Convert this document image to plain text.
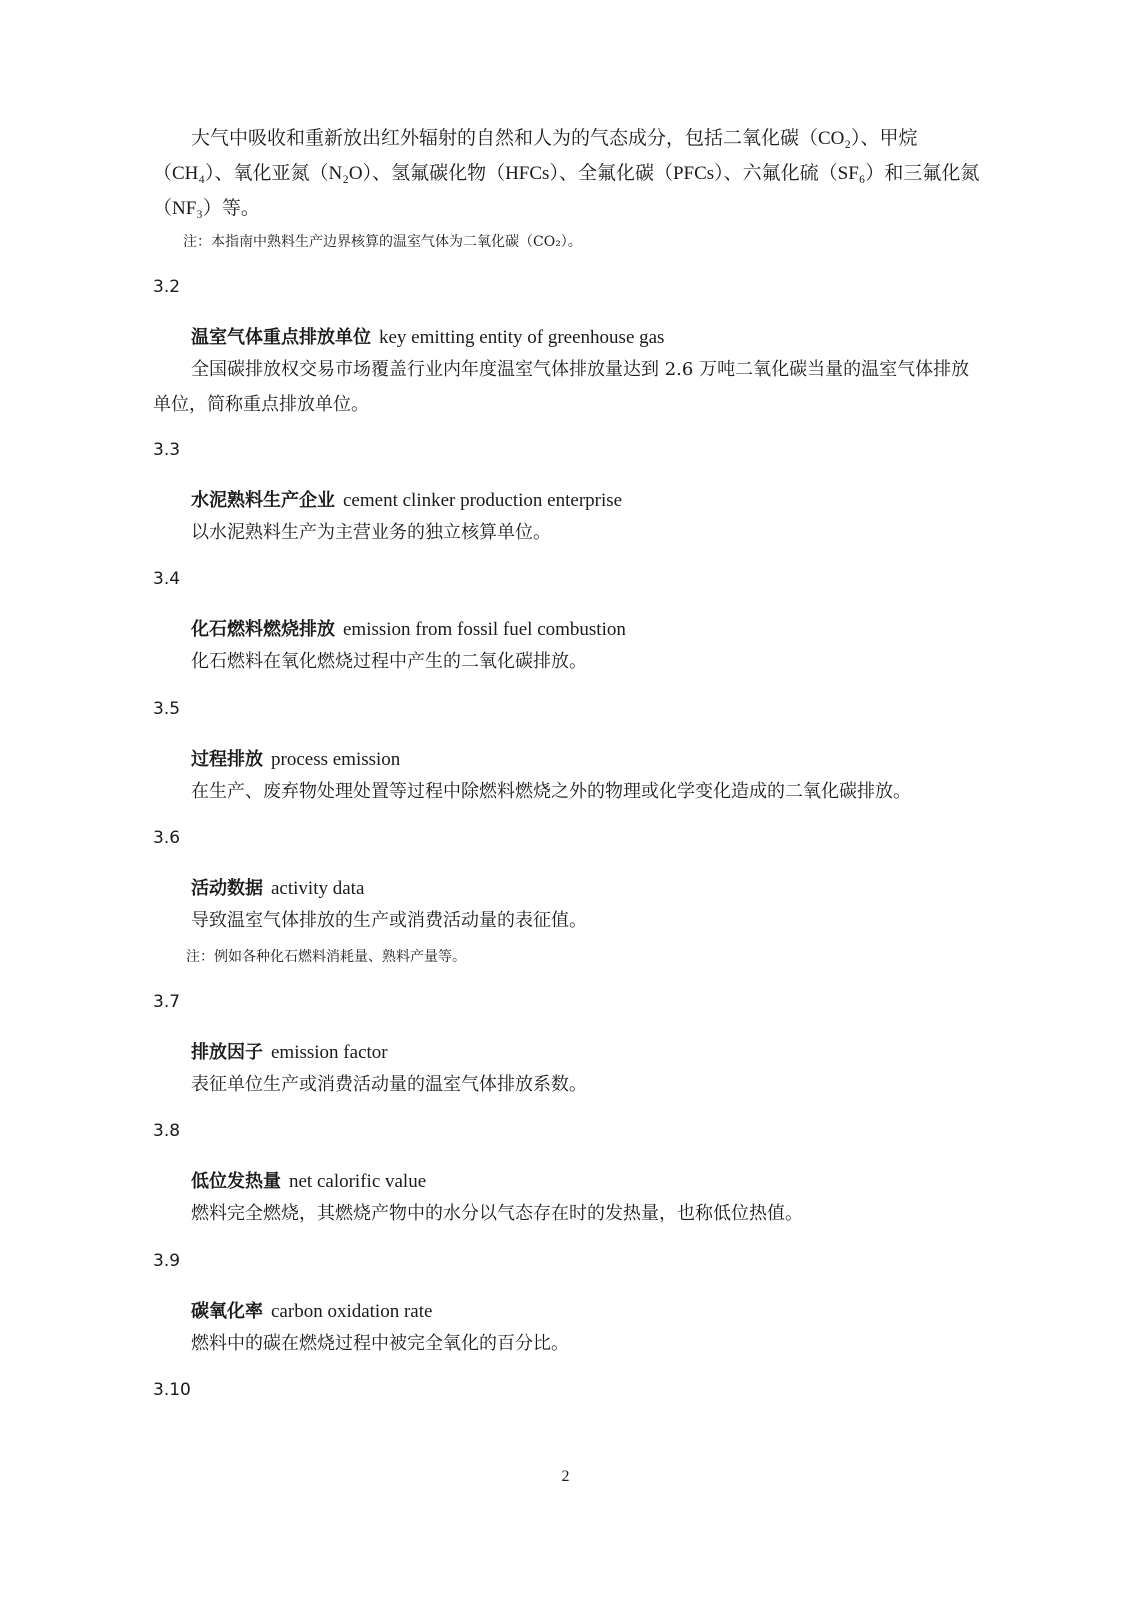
大气中吸收和重新放出红外辐射的自然和人为的气态成分，包括二氧化碳（CO₂）、甲烷（CH₄）、氧化亚氮（N₂O）、氢氟碳化物（HFCs）、全氟化碳（PFCs）、六氟化硫（SF₆）和三氟化氮（NF₃）等。

注：本指南中熟料生产边界核算的温室气体为二氧化碳（CO₂）。

3.2

温室气体重点排放单位 key emitting entity of greenhouse gas

全国碳排放权交易市场覆盖行业内年度温室气体排放量达到 2.6 万吨二氧化碳当量的温室气体排放单位，简称重点排放单位。

3.3

水泥熟料生产企业 cement clinker production enterprise

以水泥熟料生产为主营业务的独立核算单位。

3.4

化石燃料燃烧排放 emission from fossil fuel combustion

化石燃料在氧化燃烧过程中产生的二氧化碳排放。

3.5

过程排放 process emission

在生产、废弃物处理处置等过程中除燃料燃烧之外的物理或化学变化造成的二氧化碳排放。

3.6

活动数据 activity data

导致温室气体排放的生产或消费活动量的表征值。

注：例如各种化石燃料消耗量、熟料产量等。

3.7

排放因子 emission factor

表征单位生产或消费活动量的温室气体排放系数。

3.8

低位发热量 net calorific value

燃料完全燃烧，其燃烧产物中的水分以气态存在时的发热量，也称低位热值。

3.9

碳氧化率 carbon oxidation rate

燃料中的碳在燃烧过程中被完全氧化的百分比。

3.10

2
